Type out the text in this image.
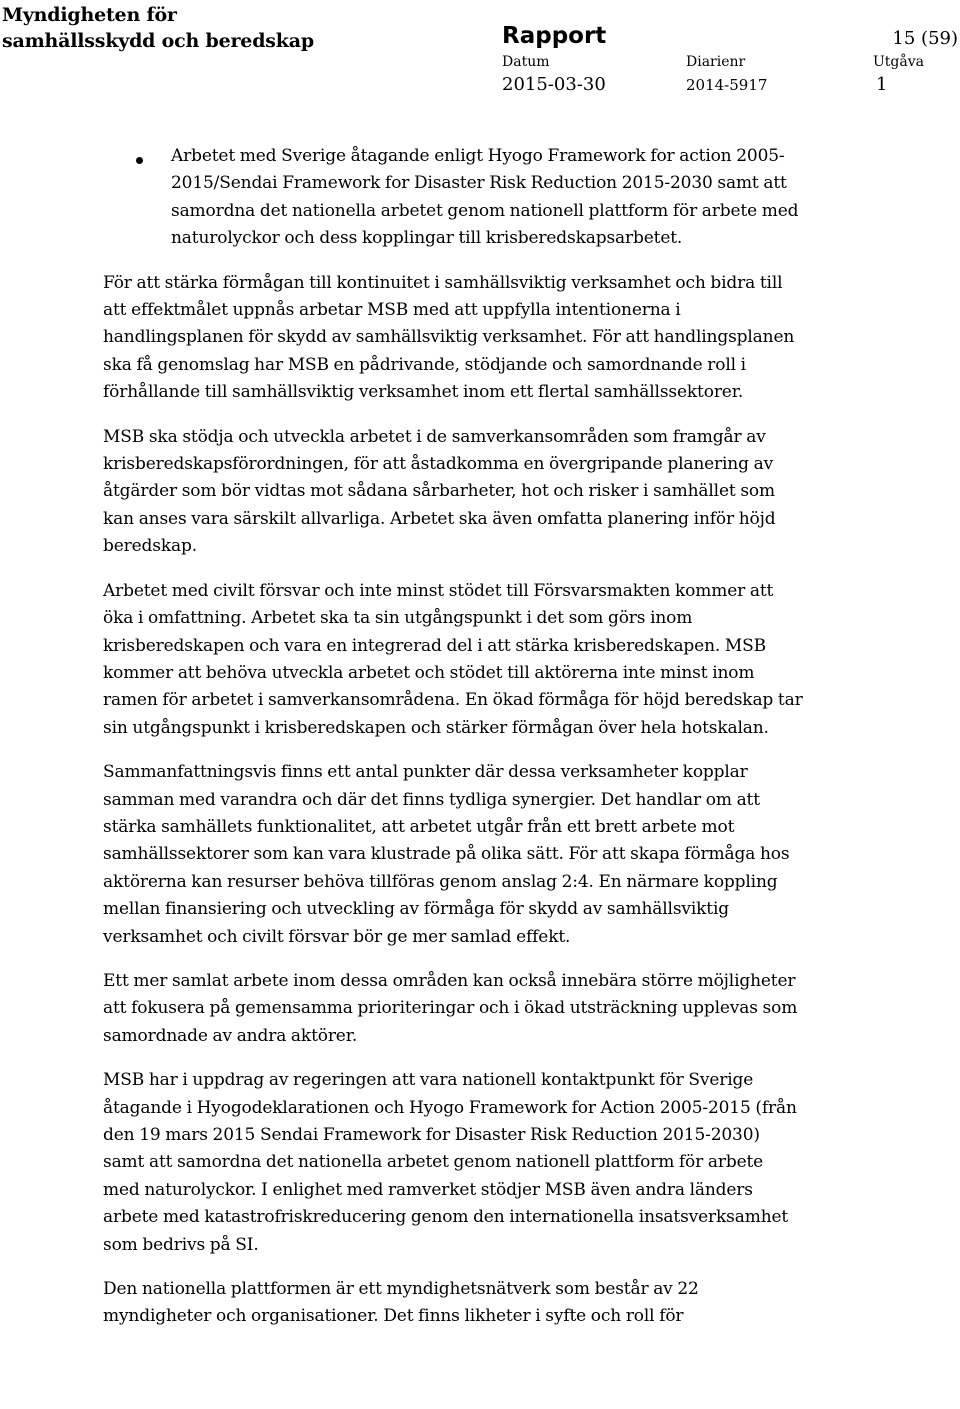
Myndigheten för
samhällsskydd och beredskap	Rapport	15 (59)
Datum
2015-03-30
Diarienr
2014-5917
Utgåva
1
Arbetet med Sverige åtagande enligt Hyogo Framework for action 2005-2015/Sendai Framework for Disaster Risk Reduction 2015-2030 samt att samordna det nationella arbetet genom nationell plattform för arbete med naturolyckor och dess kopplingar till krisberedskapsarbetet.

För att stärka förmågan till kontinuitet i samhällsviktig verksamhet och bidra till att effektmålet uppnås arbetar MSB med att uppfylla intentionerna i handlingsplanen för skydd av samhällsviktig verksamhet. För att handlingsplanen ska få genomslag har MSB en pådrivande, stödjande och samordnande roll i förhållande till samhällsviktig verksamhet inom ett flertal samhällssektorer.

MSB ska stödja och utveckla arbetet i de samverkansområden som framgår av krisberedskapsförordningen, för att åstadkomma en övergripande planering av åtgärder som bör vidtas mot sådana sårbarheter, hot och risker i samhället som kan anses vara särskilt allvarliga. Arbetet ska även omfatta planering inför höjd beredskap.

Arbetet med civilt försvar och inte minst stödet till Försvarsmakten kommer att öka i omfattning. Arbetet ska ta sin utgångspunkt i det som görs inom krisberedskapen och vara en integrerad del i att stärka krisberedskapen. MSB kommer att behöva utveckla arbetet och stödet till aktörerna inte minst inom ramen för arbetet i samverkansområdena. En ökad förmåga för höjd beredskap tar sin utgångspunkt i krisberedskapen och stärker förmågan över hela hotskalan.

Sammanfattningsvis finns ett antal punkter där dessa verksamheter kopplar samman med varandra och där det finns tydliga synergier. Det handlar om att stärka samhällets funktionalitet, att arbetet utgår från ett brett arbete mot samhällssektorer som kan vara klustrade på olika sätt. För att skapa förmåga hos aktörerna kan resurser behöva tillföras genom anslag 2:4. En närmare koppling mellan finansiering och utveckling av förmåga för skydd av samhällsviktig verksamhet och civilt försvar bör ge mer samlad effekt.

Ett mer samlat arbete inom dessa områden kan också innebära större möjligheter att fokusera på gemensamma prioriteringar och i ökad utsträckning upplevas som samordnade av andra aktörer.

MSB har i uppdrag av regeringen att vara nationell kontaktpunkt för Sverige åtagande i Hyogodeklarationen och Hyogo Framework for Action 2005-2015 (från den 19 mars 2015 Sendai Framework for Disaster Risk Reduction 2015-2030) samt att samordna det nationella arbetet genom nationell plattform för arbete med naturolyckor. I enlighet med ramverket stödjer MSB även andra länders arbete med katastrofriskreducering genom den internationella insatsverksamhet som bedrivs på SI.

Den nationella plattformen är ett myndighetsnätverk som består av 22 myndigheter och organisationer. Det finns likheter i syfte och roll för
